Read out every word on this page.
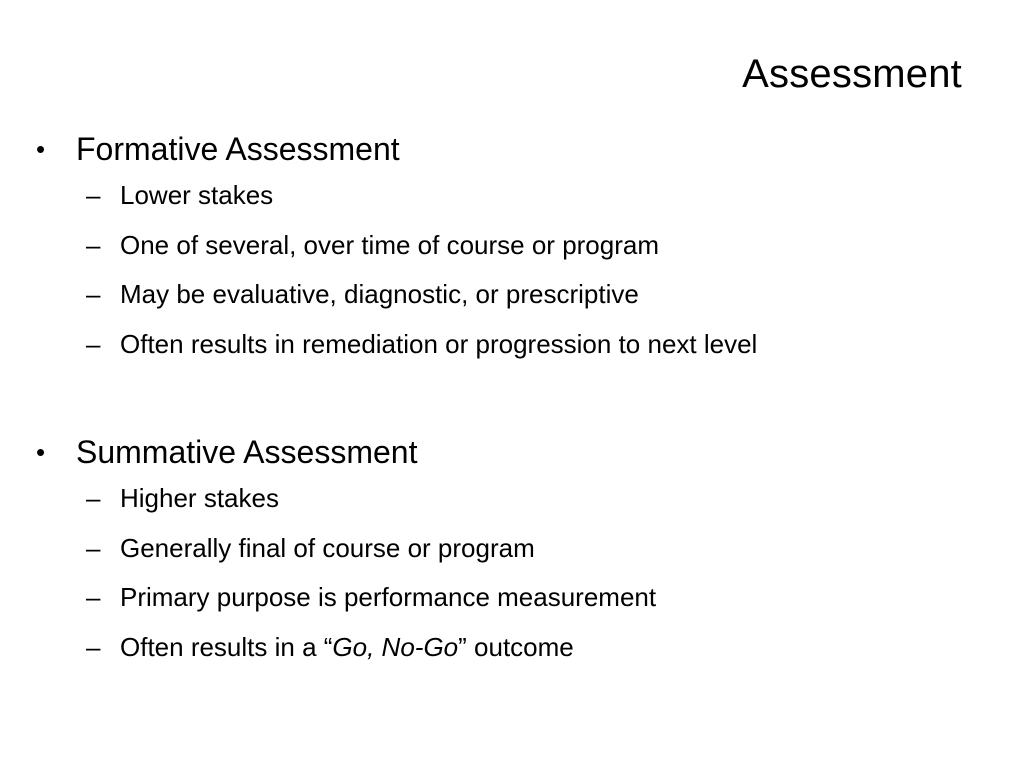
Assessment
• Formative Assessment
– Lower stakes
– One of several, over time of course or program
– May be evaluative, diagnostic, or prescriptive
– Often results in remediation or progression to next level
• Summative Assessment
– Higher stakes
– Generally final of course or program
– Primary purpose is performance measurement
– Often results in a “Go, No-Go” outcome
